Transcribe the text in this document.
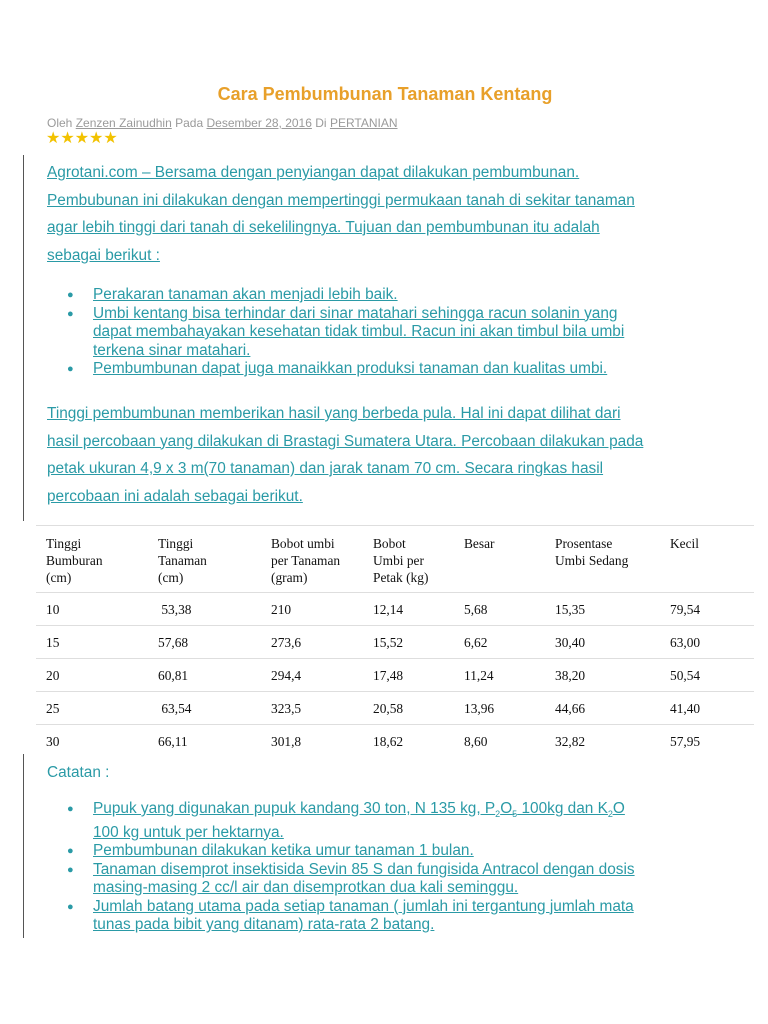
Cara Pembumbunan Tanaman Kentang
Oleh Zenzen Zainudhin Pada Desember 28, 2016 Di PERTANIAN
★★★★★

Agrotani.com – Bersama dengan penyiangan dapat dilakukan pembumbunan.
Pembubunan ini dilakukan dengan mempertinggi permukaan tanah di sekitar tanaman
agar lebih tinggi dari tanah di sekelilingnya. Tujuan dan pembumbunan itu adalah
sebagai berikut :

● Perakaran tanaman akan menjadi lebih baik.
● Umbi kentang bisa terhindar dari sinar matahari sehingga racun solanin yang
dapat membahayakan kesehatan tidak timbul. Racun ini akan timbul bila umbi
terkena sinar matahari.
● Pembumbunan dapat juga manaikkan produksi tanaman dan kualitas umbi.

Tinggi pembumbunan memberikan hasil yang berbeda pula. Hal ini dapat dilihat dari
hasil percobaan yang dilakukan di Brastagi Sumatera Utara. Percobaan dilakukan pada
petak ukuran 4,9 x 3 m(70 tanaman) dan jarak tanam 70 cm. Secara ringkas hasil
percobaan ini adalah sebagai berikut.

Tinggi
Bumburan
(cm)	Tinggi
Tanaman
(cm)	Bobot umbi
per Tanaman
(gram)	Bobot
Umbi per
Petak (kg)	Besar	Prosentase
Umbi Sedang	Kecil
10	53,38	210	12,14	5,68	15,35	79,54
15	57,68	273,6	15,52	6,62	30,40	63,00
20	60,81	294,4	17,48	11,24	38,20	50,54
25	63,54	323,5	20,58	13,96	44,66	41,40
30	66,11	301,8	18,62	8,60	32,82	57,95

Catatan :

● Pupuk yang digunakan pupuk kandang 30 ton, N 135 kg, $P_2O_5$ 100kg dan $K_2O$
100 kg untuk per hektarnya.
● Pembumbunan dilakukan ketika umur tanaman 1 bulan.
● Tanaman disemprot insektisida Sevin 85 S dan fungisida Antracol dengan dosis
masing-masing 2 cc/l air dan disemprotkan dua kali seminggu.
● Jumlah batang utama pada setiap tanaman ( jumlah ini tergantung jumlah mata
tunas pada bibit yang ditanam) rata-rata 2 batang.
